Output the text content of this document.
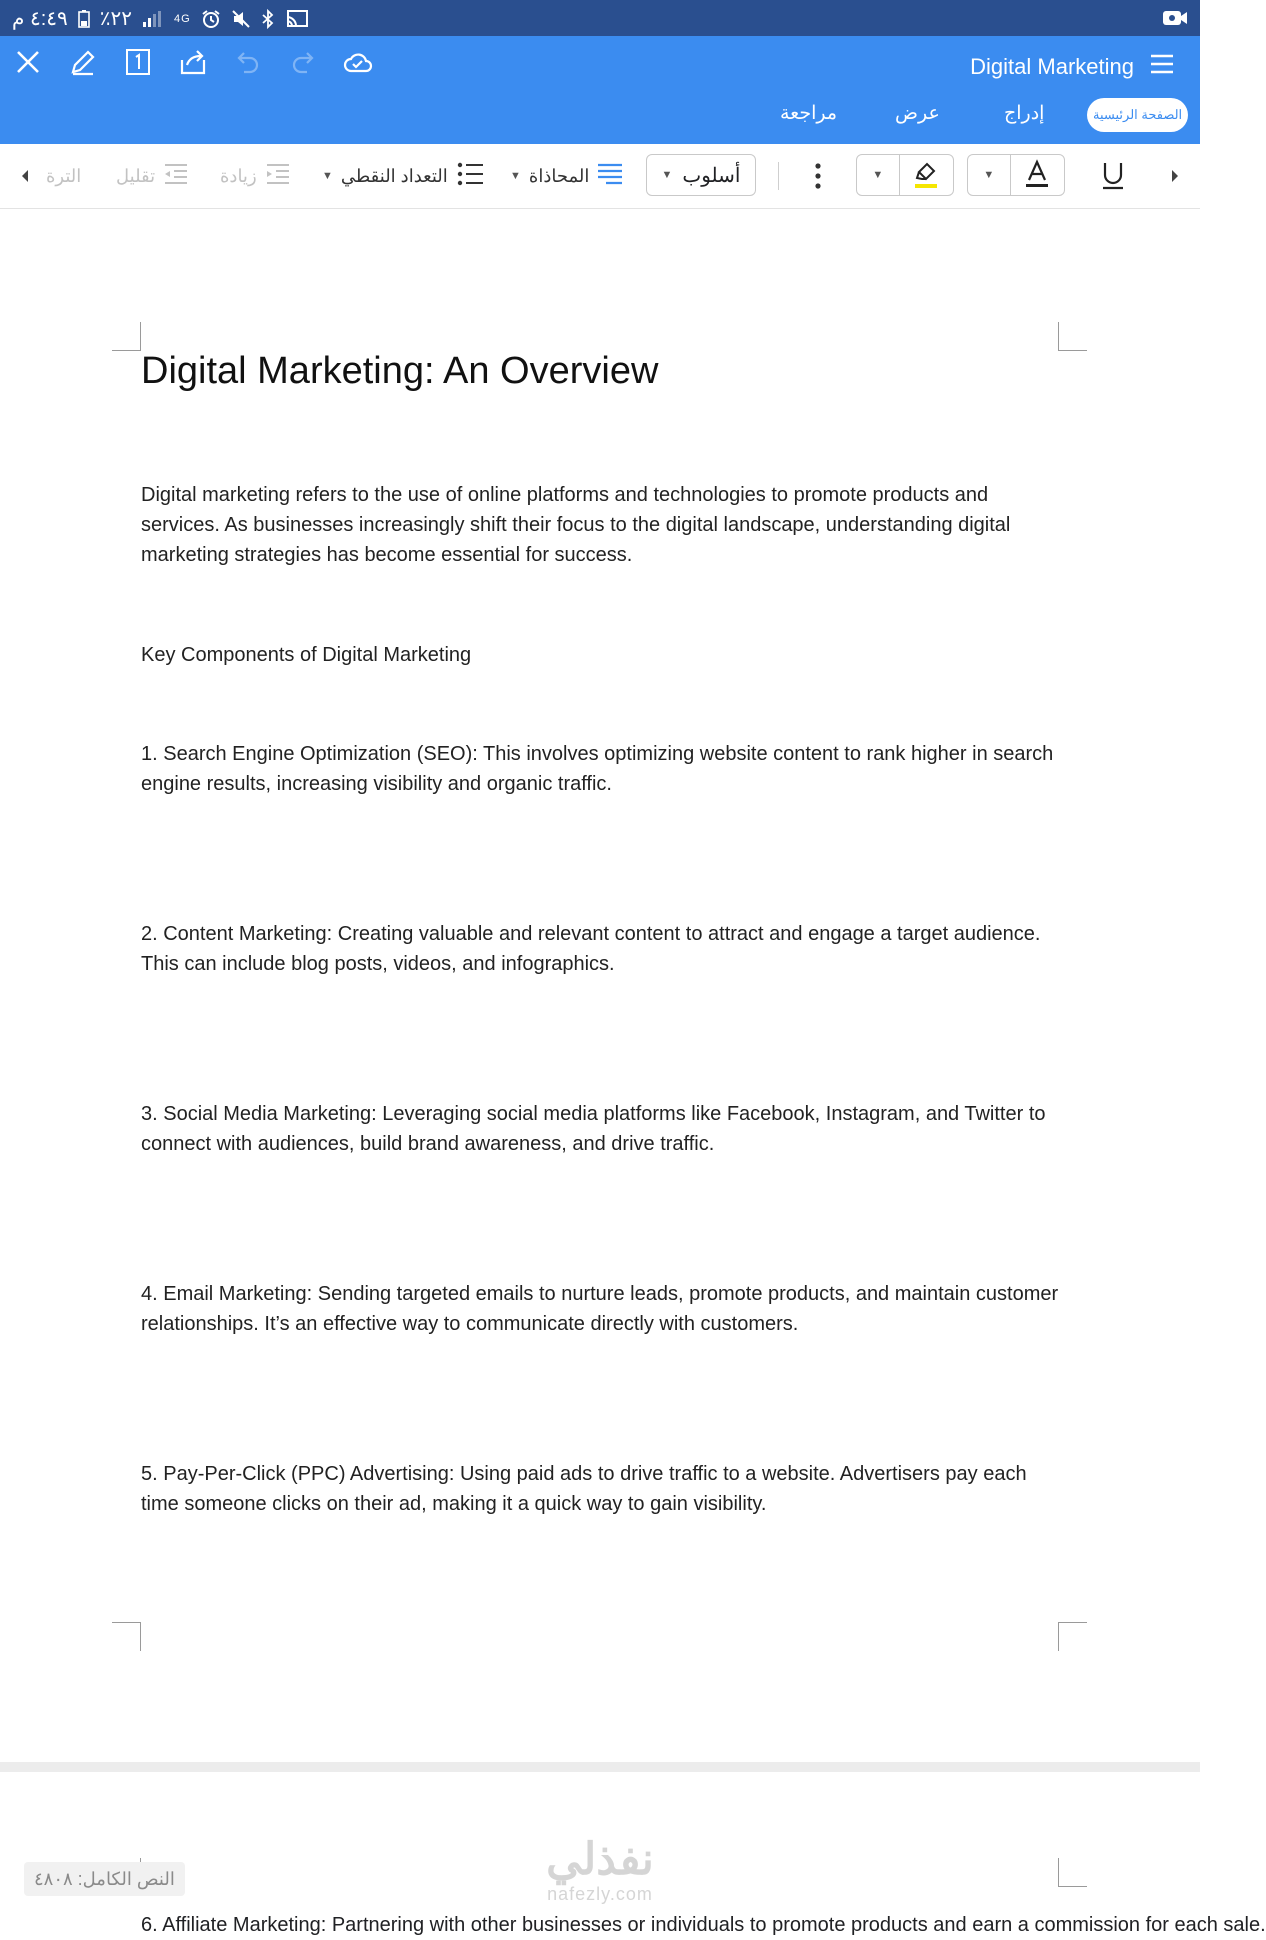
٤:٤٩ م ٪٢٢	4G
Digital Marketing
الصفحة الرئيسية
إدراج
عرض
مراجعة
الترة تقليل	زيادة	▼ التعداد النقطي	▼ المحاذاة	▼ أسلوب	▼	▼
Digital Marketing: An Overview
Digital marketing refers to the use of online platforms and technologies to promote products and services. As businesses increasingly shift their focus to the digital landscape, understanding digital marketing strategies has become essential for success.
Key Components of Digital Marketing
1. Search Engine Optimization (SEO): This involves optimizing website content to rank higher in search engine results, increasing visibility and organic traffic.
2. Content Marketing: Creating valuable and relevant content to attract and engage a target audience. This can include blog posts, videos, and infographics.
3. Social Media Marketing: Leveraging social media platforms like Facebook, Instagram, and Twitter to connect with audiences, build brand awareness, and drive traffic.
4. Email Marketing: Sending targeted emails to nurture leads, promote products, and maintain customer relationships. It’s an effective way to communicate directly with customers.
5. Pay-Per-Click (PPC) Advertising: Using paid ads to drive traffic to a website. Advertisers pay each time someone clicks on their ad, making it a quick way to gain visibility.
6. Affiliate Marketing: Partnering with other businesses or individuals to promote products and earn a commission for each sale.
النص الكامل: ٤٨٠٨	نفذلي
nafezly.com
